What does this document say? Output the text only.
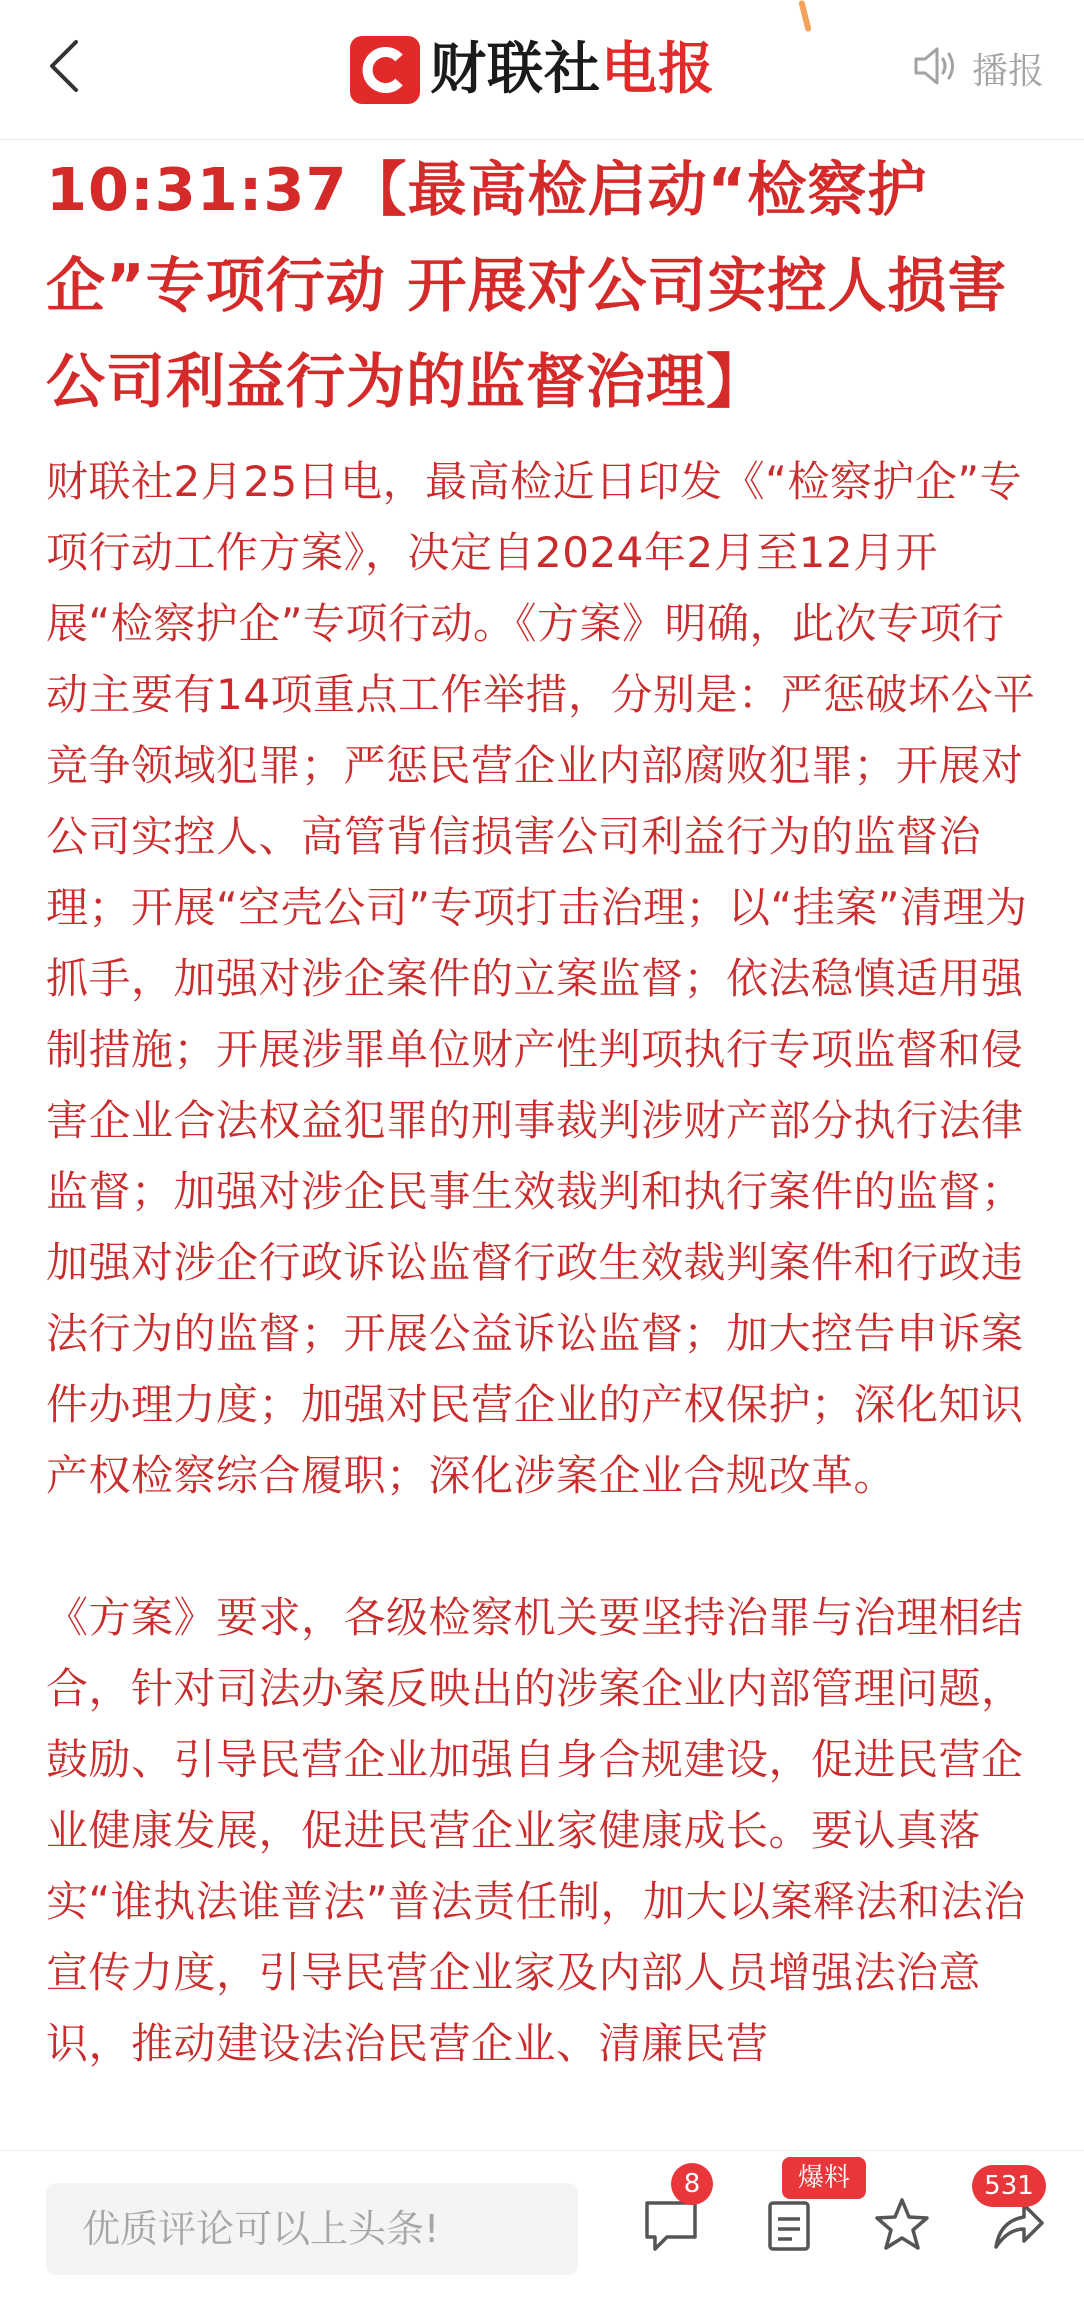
财联社电报	播报
10:31:37【最高检启动“检察护企”专项行动 开展对公司实控人损害公司利益行为的监督治理】

财联社2月25日电，最高检近日印发《“检察护企”专项行动工作方案》，决定自2024年2月至12月开展“检察护企”专项行动。《方案》明确，此次专项行动主要有14项重点工作举措，分别是：严惩破坏公平竞争领域犯罪；严惩民营企业内部腐败犯罪；开展对公司实控人、高管背信损害公司利益行为的监督治理；开展“空壳公司”专项打击治理；以“挂案”清理为抓手，加强对涉企案件的立案监督；依法稳慎适用强制措施；开展涉罪单位财产性判项执行专项监督和侵害企业合法权益犯罪的刑事裁判涉财产部分执行法律监督；加强对涉企民事生效裁判和执行案件的监督；加强对涉企行政诉讼监督行政生效裁判案件和行政违法行为的监督；开展公益诉讼监督；加大控告申诉案件办理力度；加强对民营企业的产权保护；深化知识产权检察综合履职；深化涉案企业合规改革。

《方案》要求，各级检察机关要坚持治罪与治理相结合，针对司法办案反映出的涉案企业内部管理问题，鼓励、引导民营企业加强自身合规建设，促进民营企业健康发展，促进民营企业家健康成长。要认真落实“谁执法谁普法”普法责任制，加大以案释法和法治宣传力度，引导民营企业家及内部人员增强法治意识，推动建设法治民营企业、清廉民营

优质评论可以上头条!
8	爆料	531
